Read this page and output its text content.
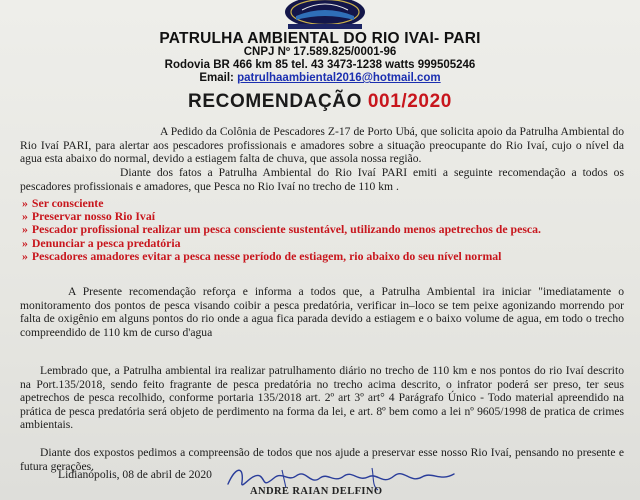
PATRULHA AMBIENTAL DO RIO IVAI- PARI
CNPJ Nº 17.589.825/0001-96
Rodovia BR 466 km 85 tel. 43 3473-1238 watts 999505246
Email: patrulhaambiental2016@hotmail.com
RECOMENDAÇÃO 001/2020
A Pedido da Colônia de Pescadores Z-17 de Porto Ubá, que solicita apoio da Patrulha Ambiental do Rio Ivaí PARI, para alertar aos pescadores profissionais e amadores sobre a situação preocupante do Rio Ivaí, cujo o nível da agua esta abaixo do normal, devido a estiagem falta de chuva, que assola nossa região.
Diante dos fatos a Patrulha Ambiental do Rio Ivaí PARI emiti a seguinte recomendação a todos os pescadores profissionais e amadores, que Pesca no Rio Ivaí no trecho de 110 km .
» Ser consciente
» Preservar nosso Rio Ivaí
» Pescador profissional realizar um pesca consciente sustentável, utilizando menos apetrechos de pesca.
» Denunciar a pesca predatória
» Pescadores amadores evitar a pesca nesse período de estiagem, rio abaixo do seu nível normal
A Presente recomendação reforça e informa a todos que, a Patrulha Ambiental ira iniciar "imediatamente o monitoramento dos pontos de pesca visando coibir a pesca predatória, verificar in–loco se tem peixe agonizando morrendo por falta de oxigênio em alguns pontos do rio onde a agua fica parada devido a estiagem e o baixo volume de agua, em todo o trecho compreendido de 110 km de curso d'agua
Lembrado que, a Patrulha ambiental ira realizar patrulhamento diário no trecho de 110 km e nos pontos do rio Ivaí descrito na Port.135/2018, sendo feito fragrante de pesca predatória no trecho acima descrito, o infrator poderá ser preso, ter seus apetrechos de pesca recolhido, conforme portaria 135/2018 art. 2º art 3º art° 4 Parágrafo Único - Todo material apreendido na prática de pesca predatória será objeto de perdimento na forma da lei, e art. 8º bem como a lei nº 9605/1998 de pratica de crimes ambientais.
Diante dos expostos pedimos a compreensão de todos que nos ajude a preservar esse nosso Rio Ivaí, pensando no presente e futura gerações.
Lidianópolis, 08 de abril de 2020
ANDRE RAIAN DELFINO
